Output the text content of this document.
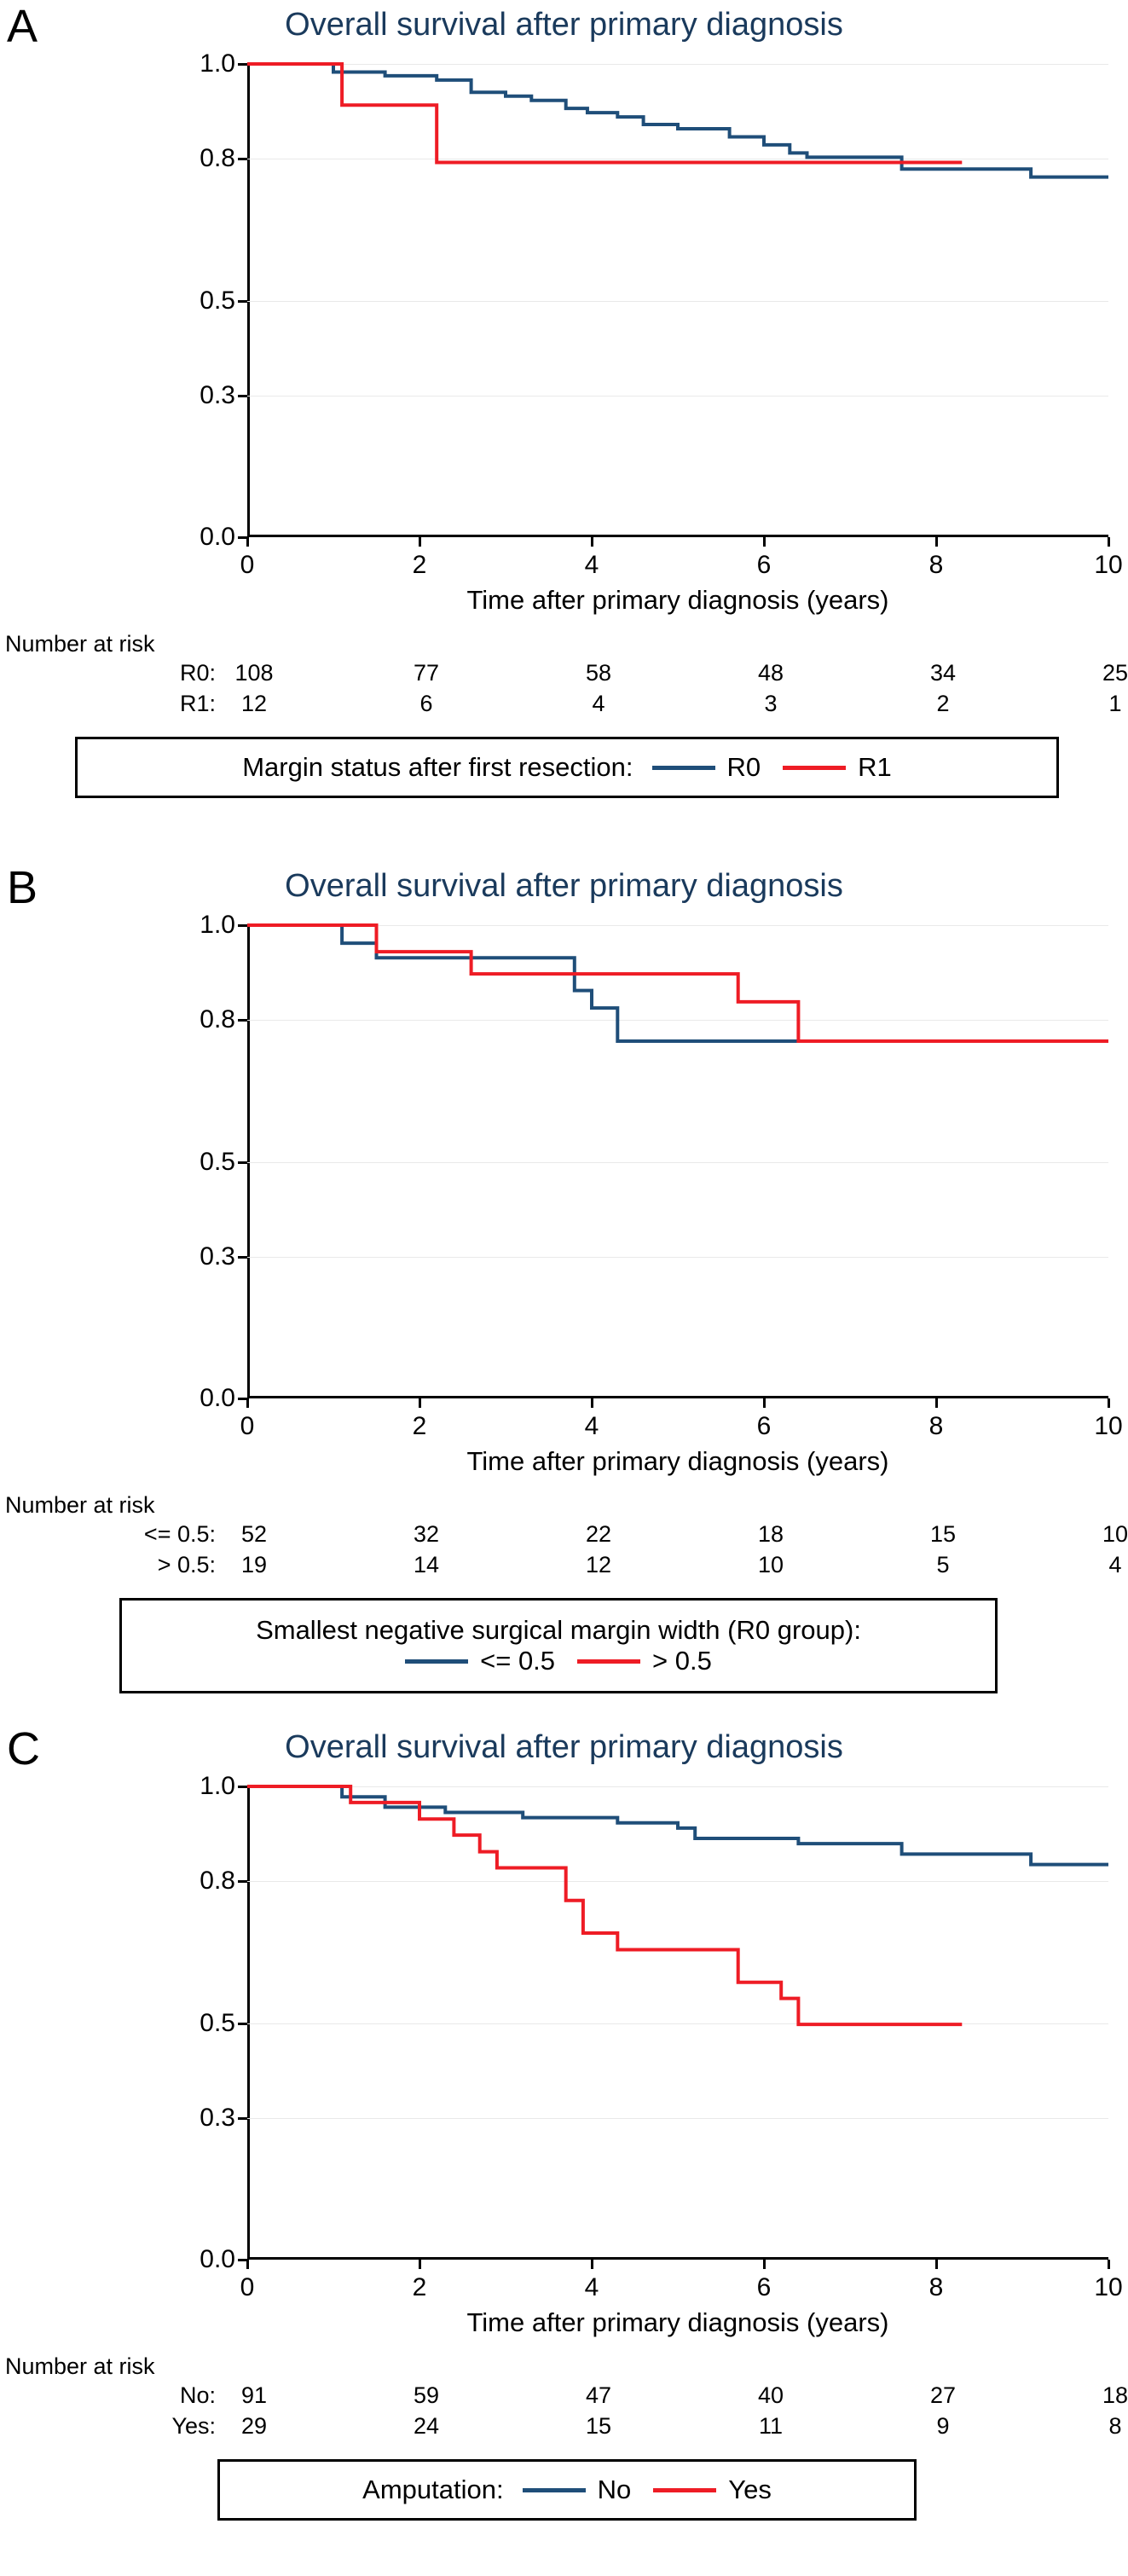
A	Overall survival after primary diagnosis
0.0
0.3
0.5
0.8
1.0
0	2	4	6	8	10
Time after primary diagnosis (years)
Number at risk
R0: 108	77	58	48	34	25
R1: 12	6	4	3	2	1
Margin status after first resection:	R0	R1
B	Overall survival after primary diagnosis
0.0
0.3
0.5
0.8
1.0
0	2	4	6	8	10
Time after primary diagnosis (years)
Number at risk
<= 0.5: 52	32	22	18	15	10
> 0.5: 19	14	12	10	5	4
Smallest negative surgical margin width (R0 group):
<= 0.5	> 0.5
C	Overall survival after primary diagnosis
0.0
0.3
0.5
0.8
1.0
0	2	4	6	8	10
Time after primary diagnosis (years)
Number at risk
No: 91	59	47	40	27	18
Yes: 29	24	15	11	9	8
Amputation:	No	Yes
